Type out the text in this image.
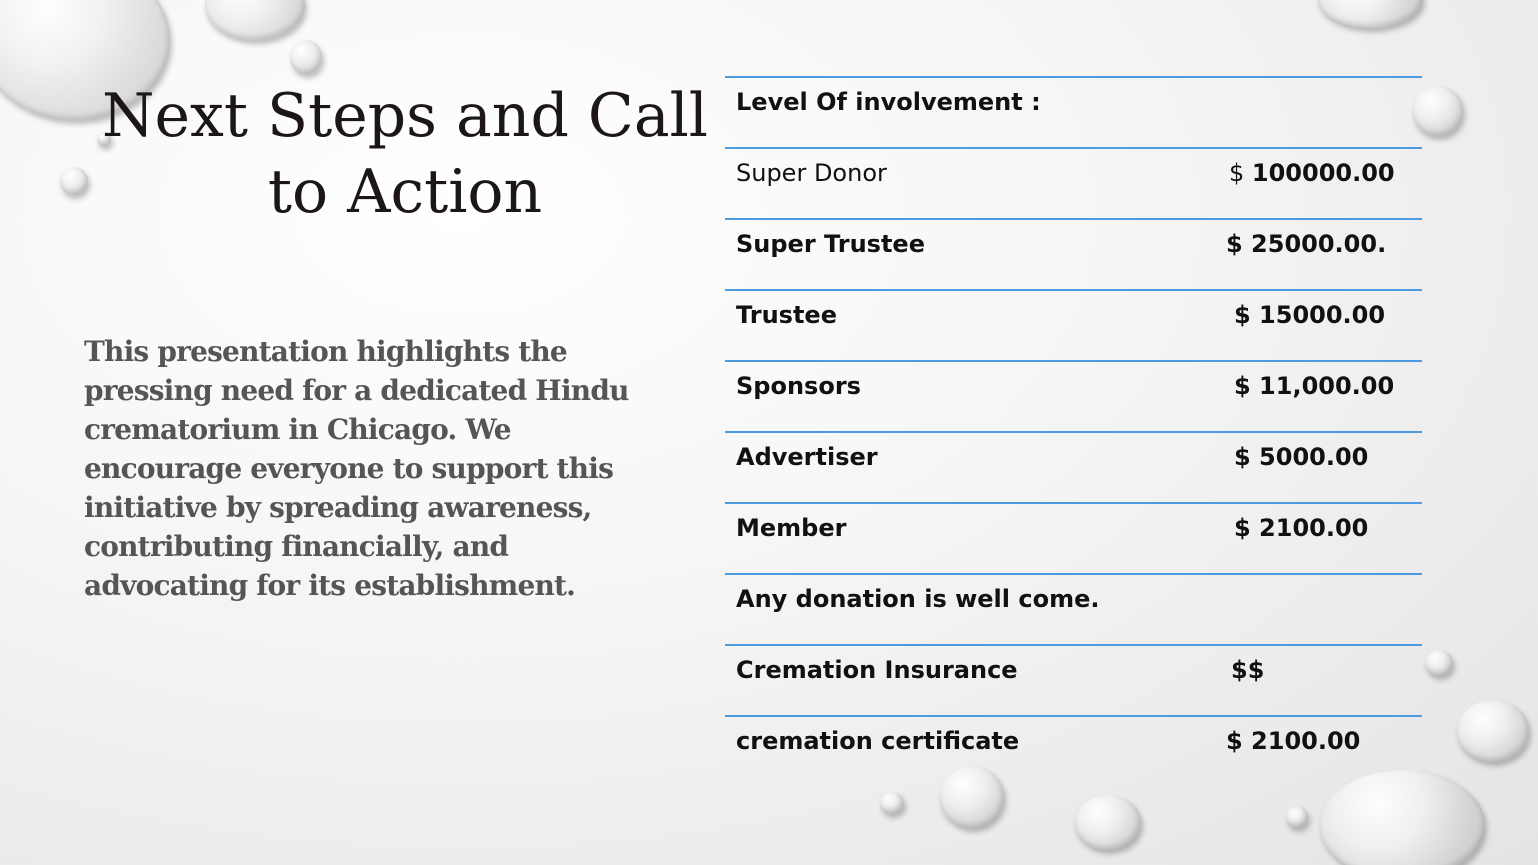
Next Steps and Call to Action

This presentation highlights the pressing need for a dedicated Hindu crematorium in Chicago. We encourage everyone to support this initiative by spreading awareness, contributing financially, and advocating for its establishment.

Level Of involvement :
Super Donor	$ 100000.00
Super Trustee	$ 25000.00.
Trustee	$ 15000.00
Sponsors	$ 11,000.00
Advertiser	$ 5000.00
Member	$ 2100.00
Any donation is well come.
Cremation Insurance	$$
cremation certificate	$ 2100.00
